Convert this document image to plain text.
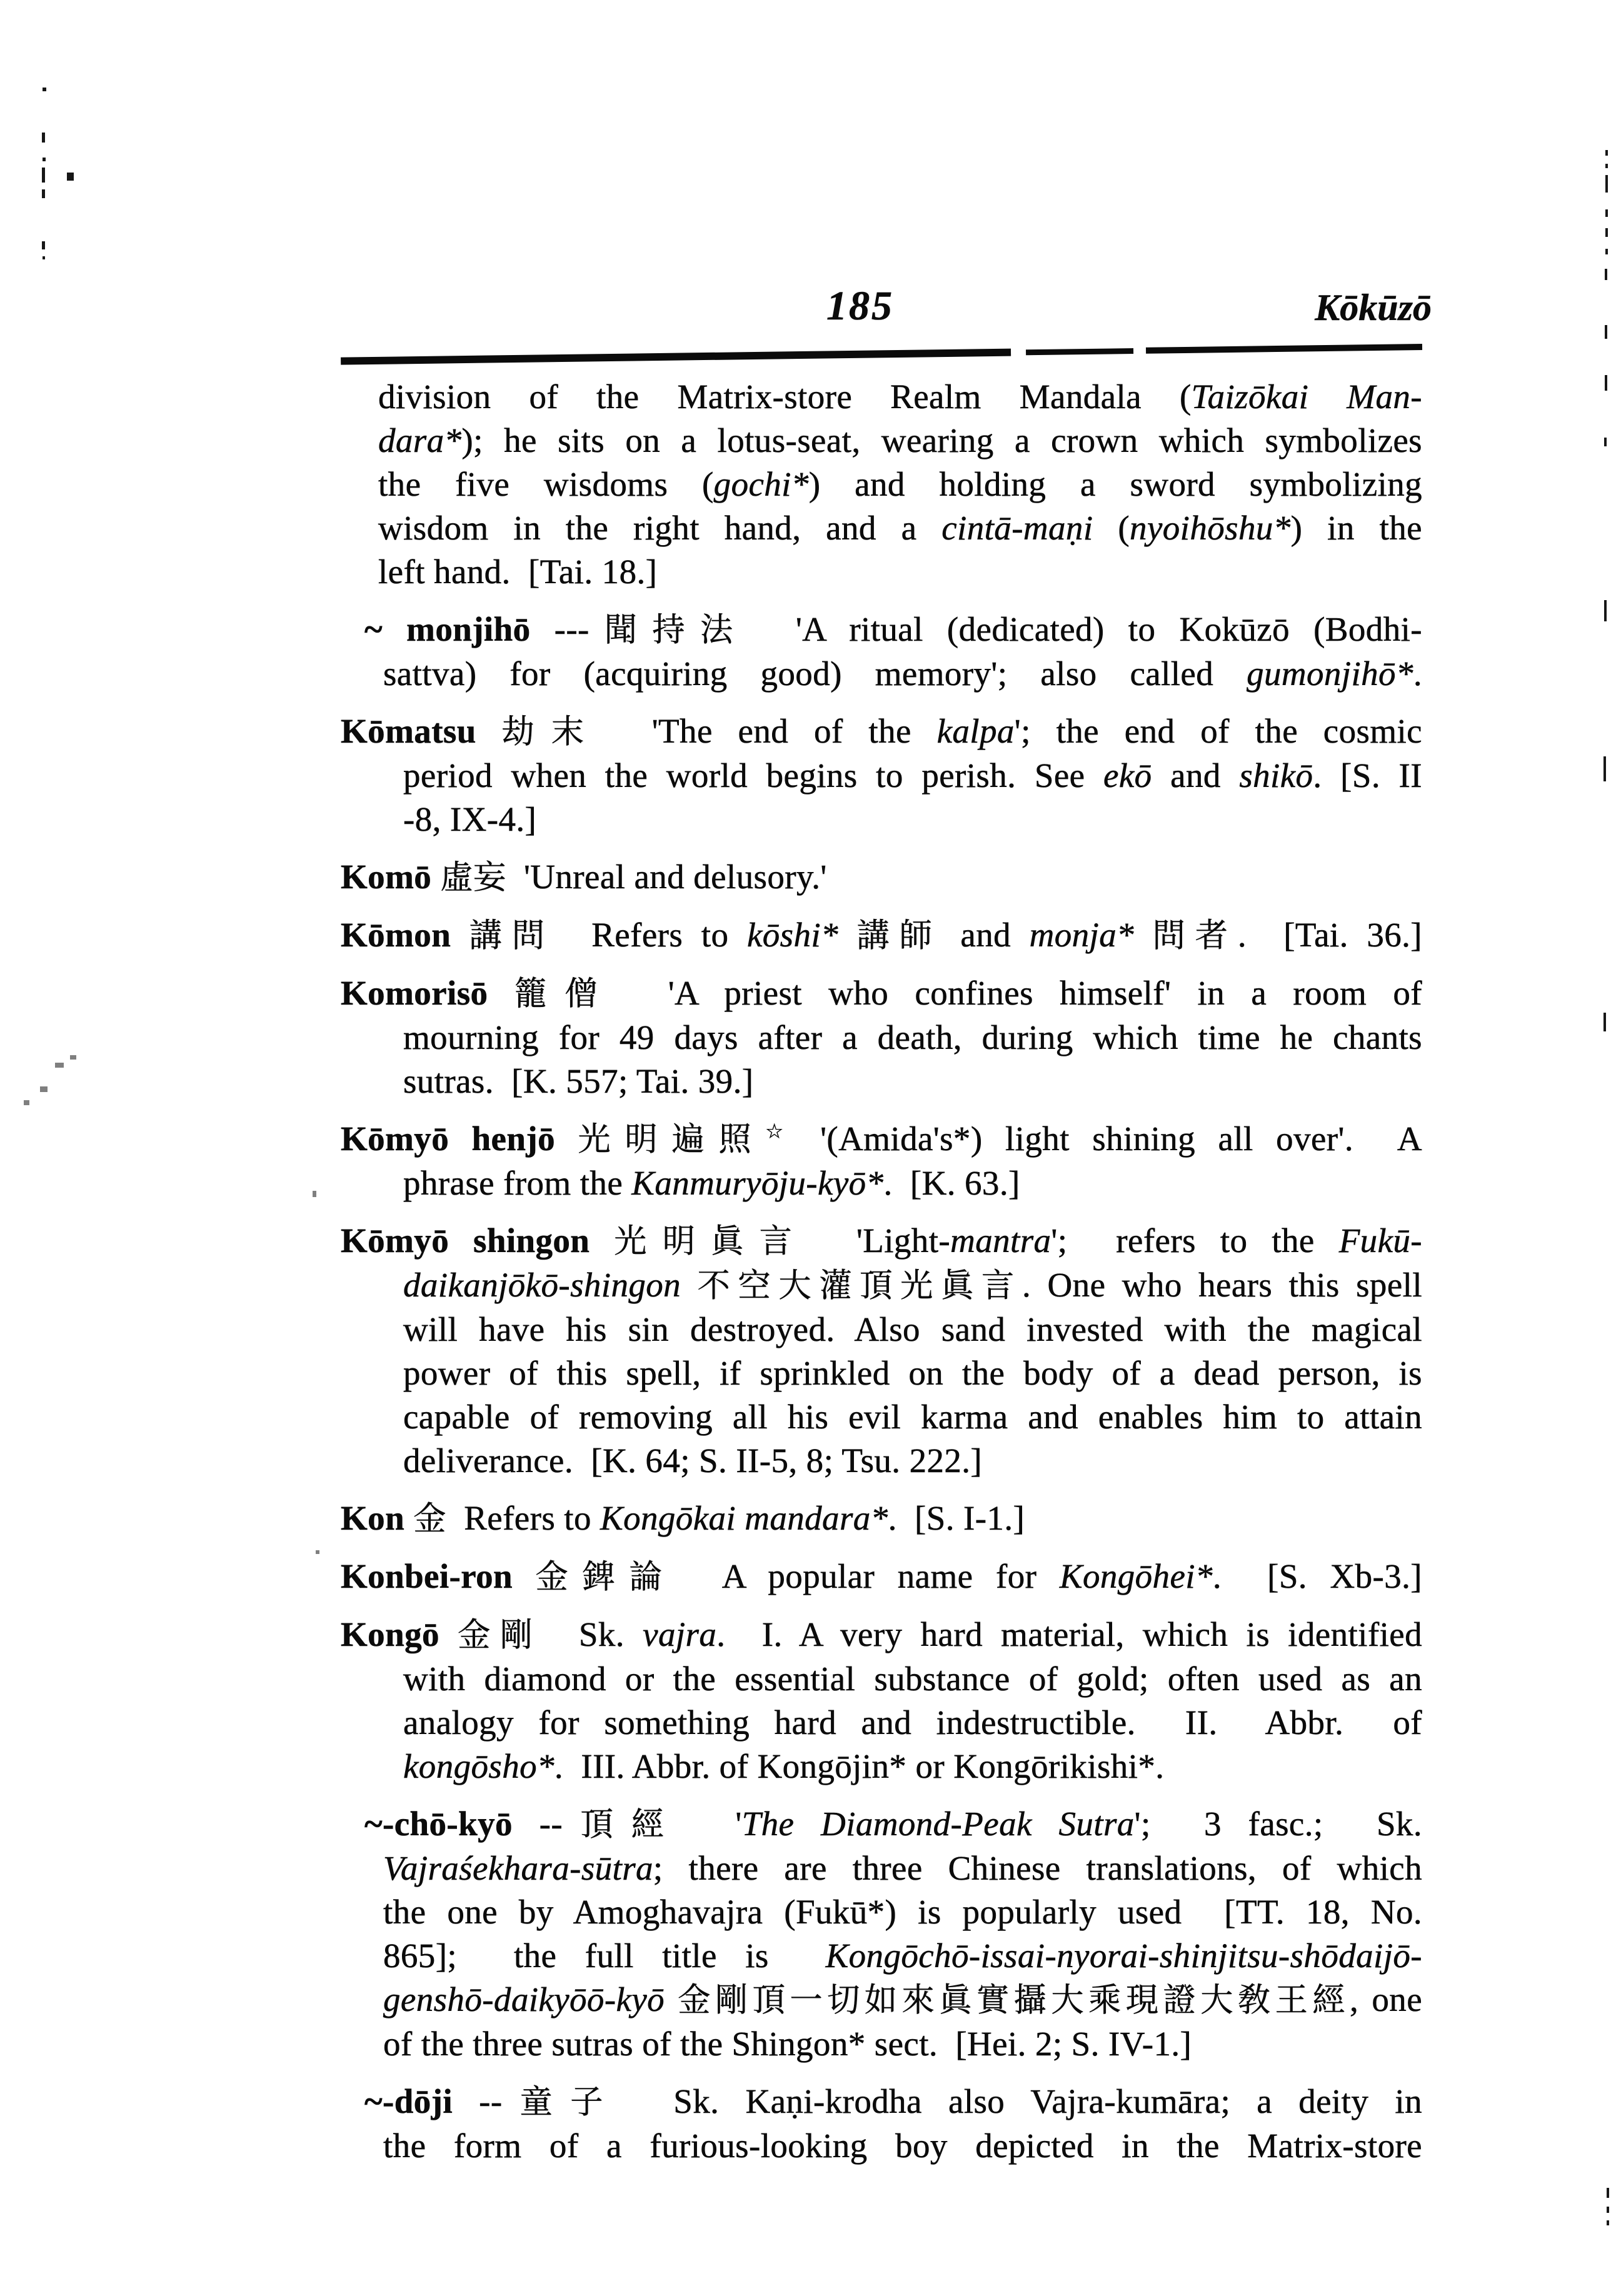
185	Kōkūzō
division of the Matrix-store Realm Mandala (Taizōkai Man-
dara*); he sits on a lotus-seat, wearing a crown which symbolizes
the five wisdoms (gochi*) and holding a sword symbolizing
wisdom in the right hand, and a cintā-maṇi (nyoihōshu*) in the
left hand.  [Tai. 18.]
~ monjihō ---聞持法  'A ritual (dedicated) to Kokūzō (Bodhi-
sattva) for (acquiring good) memory'; also called gumonjihō*.
Kōmatsu 劫末  'The end of the kalpa'; the end of the cosmic
period when the world begins to perish. See ekō and shikō. [S. II
-8, IX-4.]
Komō 虛妄  'Unreal and delusory.'
Kōmon 講問  Refers to kōshi* 講師 and monja* 問者.  [Tai. 36.]
Komorisō 籠僧  'A priest who confines himself' in a room of
mourning for 49 days after a death, during which time he chants
sutras.  [K. 557; Tai. 39.]
Kōmyō henjō 光明遍照☆ '(Amida's*) light shining all over'.  A
phrase from the Kanmuryōju-kyō*.  [K. 63.]
Kōmyō shingon 光明眞言  'Light-mantra';  refers to the Fukū-
daikanjōkō-shingon 不空大灌頂光眞言. One who hears this spell
will have his sin destroyed. Also sand invested with the magical
power of this spell, if sprinkled on the body of a dead person, is
capable of removing all his evil karma and enables him to attain
deliverance.  [K. 64; S. II-5, 8; Tsu. 222.]
Kon 金  Refers to Kongōkai mandara*.  [S. I-1.]
Konbei-ron 金錍論  A popular name for Kongōhei*.  [S. Xb-3.]
Kongō 金剛  Sk. vajra.  I. A very hard material, which is identified
with diamond or the essential substance of gold; often used as an
analogy for something hard and indestructible.  II.  Abbr.  of
kongōsho*.  III. Abbr. of Kongōjin* or Kongōrikishi*.
~-chō-kyō --頂經  'The Diamond-Peak Sutra';  3 fasc.;  Sk.
Vajraśekhara-sūtra; there are three Chinese translations, of which
the one by Amoghavajra (Fukū*) is popularly used  [TT. 18, No.
865];  the full title is  Kongōchō-issai-nyorai-shinjitsu-shōdaijō-
genshō-daikyōō-kyō 金剛頂一切如來眞實攝大乘現證大敎王經, one
of the three sutras of the Shingon* sect.  [Hei. 2; S. IV-1.]
~-dōji --童子  Sk. Kaṇi-krodha also Vajra-kumāra; a deity in
the form of a furious-looking boy depicted in the Matrix-store
